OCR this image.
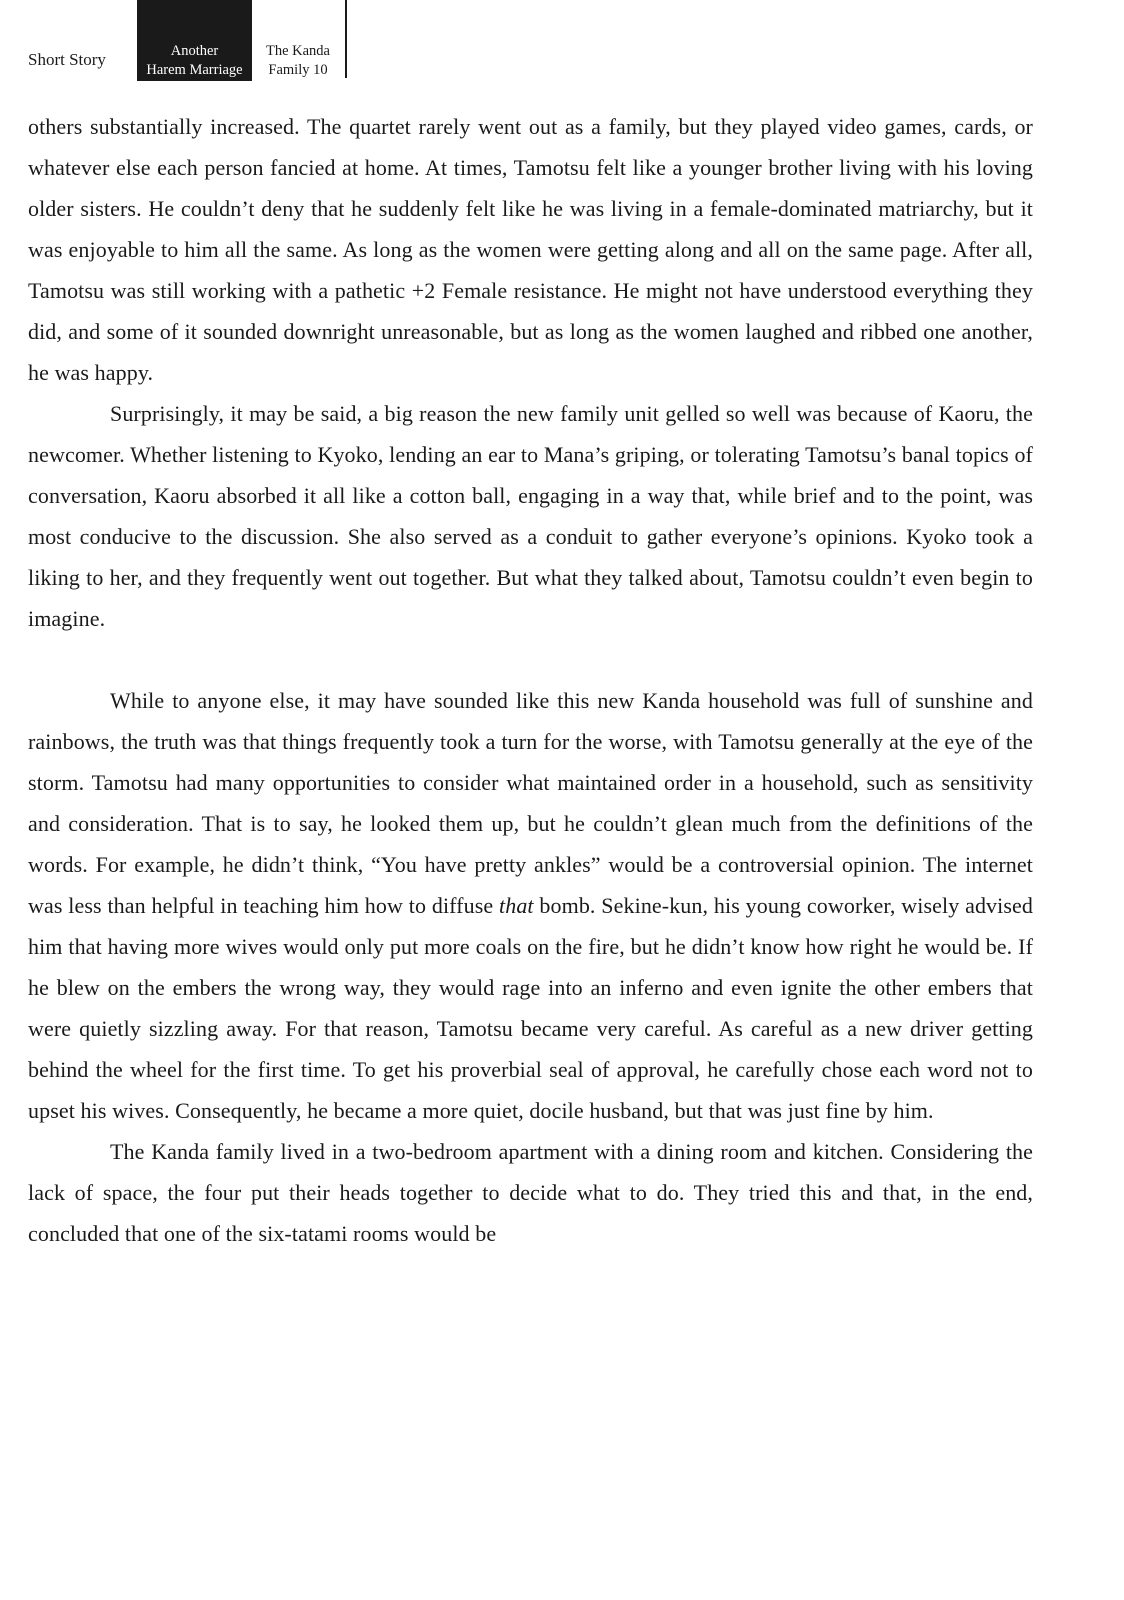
Short Story	Another
Harem Marriage
The Kanda
Family 10

others substantially increased. The quartet rarely went out as a family, but they played video games, cards, or whatever else each person fancied at home. At times, Tamotsu felt like a younger brother living with his loving older sisters. He couldn’t deny that he suddenly felt like he was living in a female-dominated matriarchy, but it was enjoyable to him all the same. As long as the women were getting along and all on the same page. After all, Tamotsu was still working with a pathetic +2 Female resistance. He might not have understood everything they did, and some of it sounded downright unreasonable, but as long as the women laughed and ribbed one another, he was happy.

Surprisingly, it may be said, a big reason the new family unit gelled so well was because of Kaoru, the newcomer. Whether listening to Kyoko, lending an ear to Mana’s griping, or tolerating Tamotsu’s banal topics of conversation, Kaoru absorbed it all like a cotton ball, engaging in a way that, while brief and to the point, was most conducive to the discussion. She also served as a conduit to gather everyone’s opinions. Kyoko took a liking to her, and they frequently went out together. But what they talked about, Tamotsu couldn’t even begin to imagine.

While to anyone else, it may have sounded like this new Kanda household was full of sunshine and rainbows, the truth was that things frequently took a turn for the worse, with Tamotsu generally at the eye of the storm. Tamotsu had many opportunities to consider what maintained order in a household, such as sensitivity and consideration. That is to say, he looked them up, but he couldn’t glean much from the definitions of the words. For example, he didn’t think, “You have pretty ankles” would be a controversial opinion. The internet was less than helpful in teaching him how to diffuse that bomb. Sekine-kun, his young coworker, wisely advised him that having more wives would only put more coals on the fire, but he didn’t know how right he would be. If he blew on the embers the wrong way, they would rage into an inferno and even ignite the other embers that were quietly sizzling away. For that reason, Tamotsu became very careful. As careful as a new driver getting behind the wheel for the first time. To get his proverbial seal of approval, he carefully chose each word not to upset his wives. Consequently, he became a more quiet, docile husband, but that was just fine by him.

The Kanda family lived in a two-bedroom apartment with a dining room and kitchen. Considering the lack of space, the four put their heads together to decide what to do. They tried this and that, in the end, concluded that one of the six-tatami rooms would be
